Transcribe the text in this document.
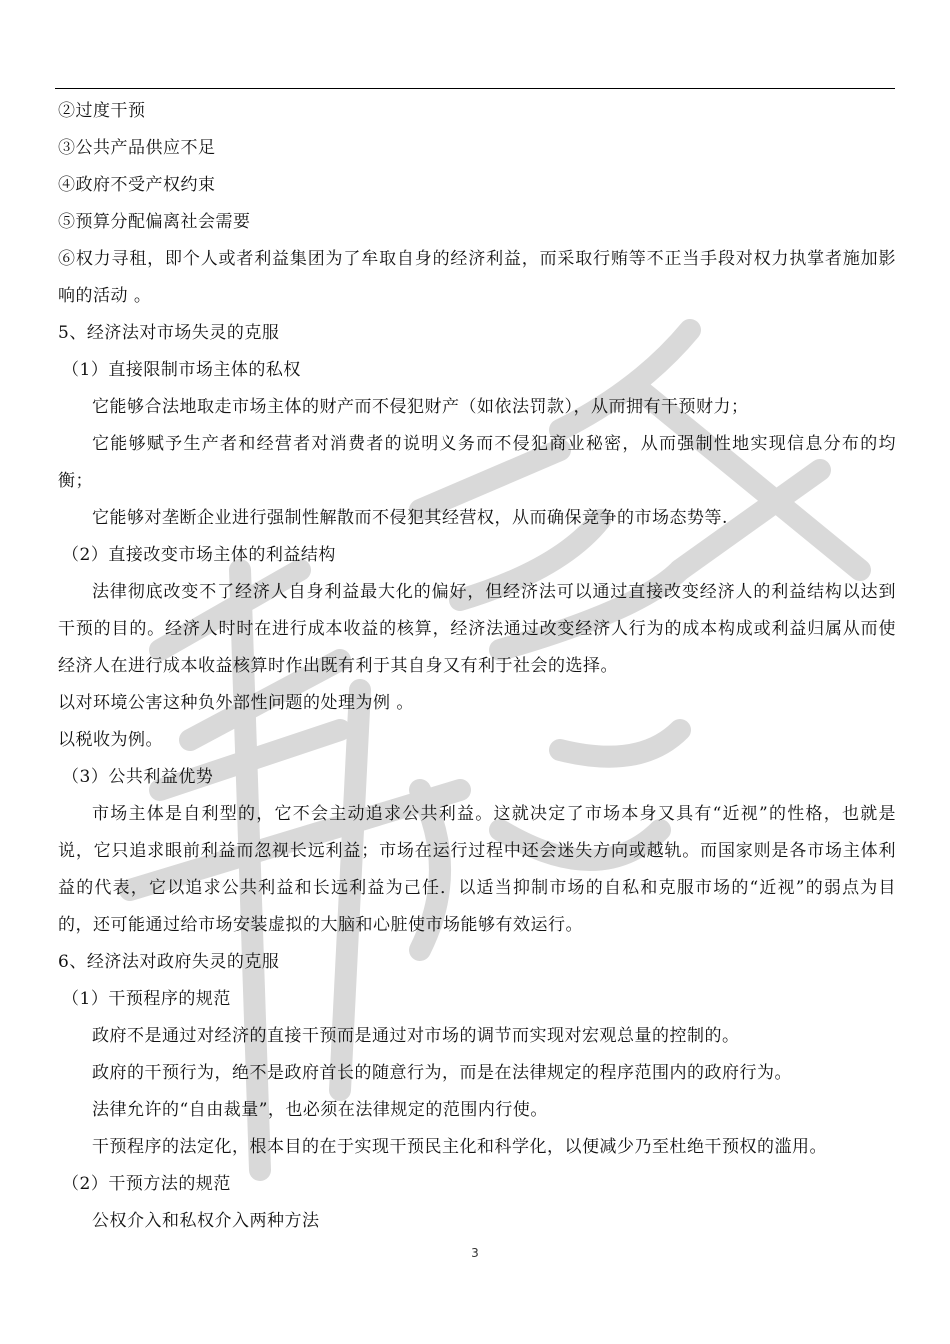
②过度干预
③公共产品供应不足
④政府不受产权约束
⑤预算分配偏离社会需要
⑥权力寻租，即个人或者利益集团为了牟取自身的经济利益，而采取行贿等不正当手段对权力执掌者施加影响的活动 。
5、经济法对市场失灵的克服
（1）直接限制市场主体的私权
它能够合法地取走市场主体的财产而不侵犯财产（如依法罚款），从而拥有干预财力；
它能够赋予生产者和经营者对消费者的说明义务而不侵犯商业秘密，从而强制性地实现信息分布的均衡；
它能够对垄断企业进行强制性解散而不侵犯其经营权，从而确保竞争的市场态势等.
（2）直接改变市场主体的利益结构
法律彻底改变不了经济人自身利益最大化的偏好，但经济法可以通过直接改变经济人的利益结构以达到干预的目的。经济人时时在进行成本收益的核算，经济法通过改变经济人行为的成本构成或利益归属从而使经济人在进行成本收益核算时作出既有利于其自身又有利于社会的选择。
以对环境公害这种负外部性问题的处理为例 。
以税收为例。
（3）公共利益优势
市场主体是自利型的，它不会主动追求公共利益。这就决定了市场本身又具有“近视”的性格，也就是说，它只追求眼前利益而忽视长远利益；市场在运行过程中还会迷失方向或越轨。而国家则是各市场主体利益的代表，它以追求公共利益和长远利益为己任．以适当抑制市场的自私和克服市场的“近视”的弱点为目的，还可能通过给市场安装虚拟的大脑和心脏使市场能够有效运行。
6、经济法对政府失灵的克服
（1）干预程序的规范
政府不是通过对经济的直接干预而是通过对市场的调节而实现对宏观总量的控制的。
政府的干预行为，绝不是政府首长的随意行为，而是在法律规定的程序范围内的政府行为。
法律允许的“自由裁量”，也必须在法律规定的范围内行使。
干预程序的法定化，根本目的在于实现干预民主化和科学化，以便减少乃至杜绝干预权的滥用。
（2）干预方法的规范
公权介入和私权介入两种方法
3
